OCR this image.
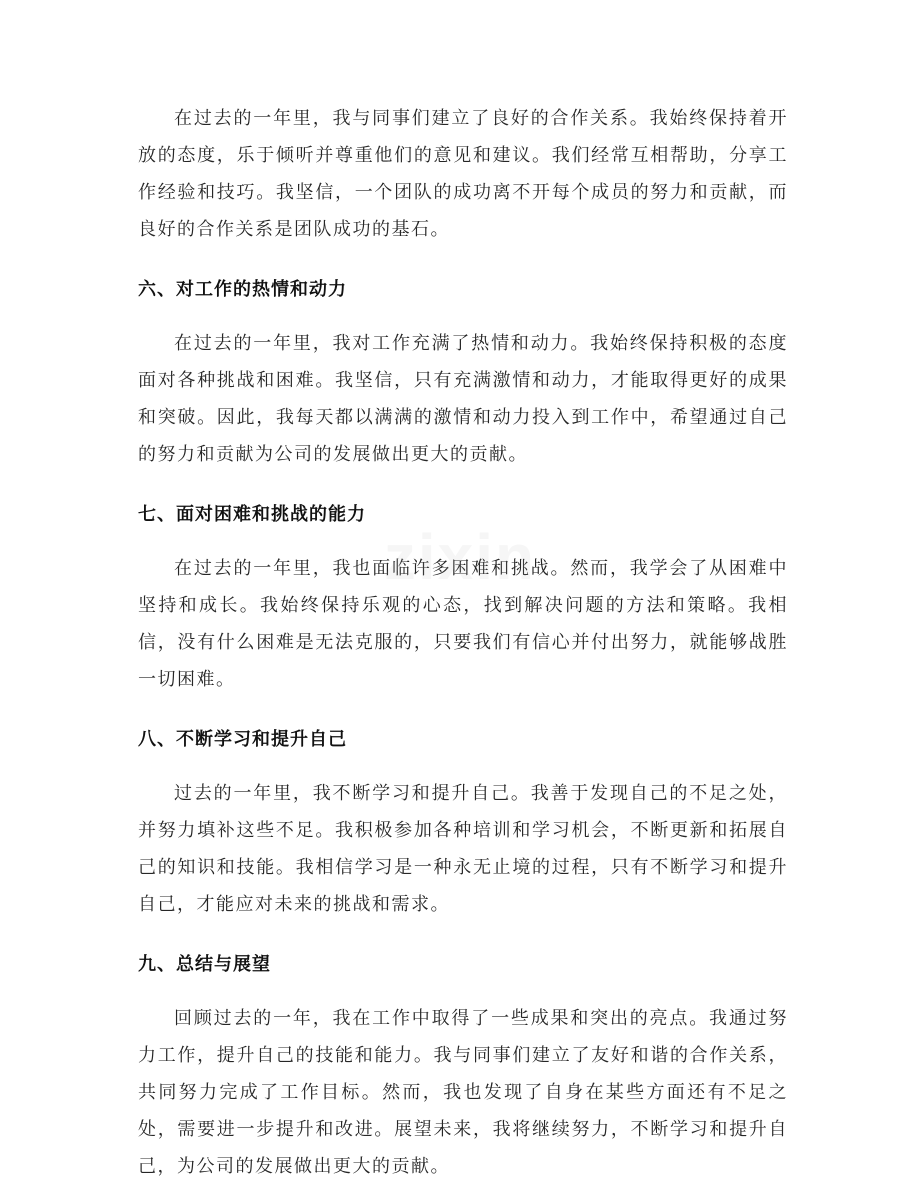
在过去的一年里，我与同事们建立了良好的合作关系。我始终保持着开放的态度，乐于倾听并尊重他们的意见和建议。我们经常互相帮助，分享工作经验和技巧。我坚信，一个团队的成功离不开每个成员的努力和贡献，而良好的合作关系是团队成功的基石。

六、对工作的热情和动力

在过去的一年里，我对工作充满了热情和动力。我始终保持积极的态度面对各种挑战和困难。我坚信，只有充满激情和动力，才能取得更好的成果和突破。因此，我每天都以满满的激情和动力投入到工作中，希望通过自己的努力和贡献为公司的发展做出更大的贡献。

七、面对困难和挑战的能力

在过去的一年里，我也面临许多困难和挑战。然而，我学会了从困难中坚持和成长。我始终保持乐观的心态，找到解决问题的方法和策略。我相信，没有什么困难是无法克服的，只要我们有信心并付出努力，就能够战胜一切困难。

八、不断学习和提升自己

过去的一年里，我不断学习和提升自己。我善于发现自己的不足之处，并努力填补这些不足。我积极参加各种培训和学习机会，不断更新和拓展自己的知识和技能。我相信学习是一种永无止境的过程，只有不断学习和提升自己，才能应对未来的挑战和需求。

九、总结与展望

回顾过去的一年，我在工作中取得了一些成果和突出的亮点。我通过努力工作，提升自己的技能和能力。我与同事们建立了友好和谐的合作关系，共同努力完成了工作目标。然而，我也发现了自身在某些方面还有不足之处，需要进一步提升和改进。展望未来，我将继续努力，不断学习和提升自己，为公司的发展做出更大的贡献。

zixin
